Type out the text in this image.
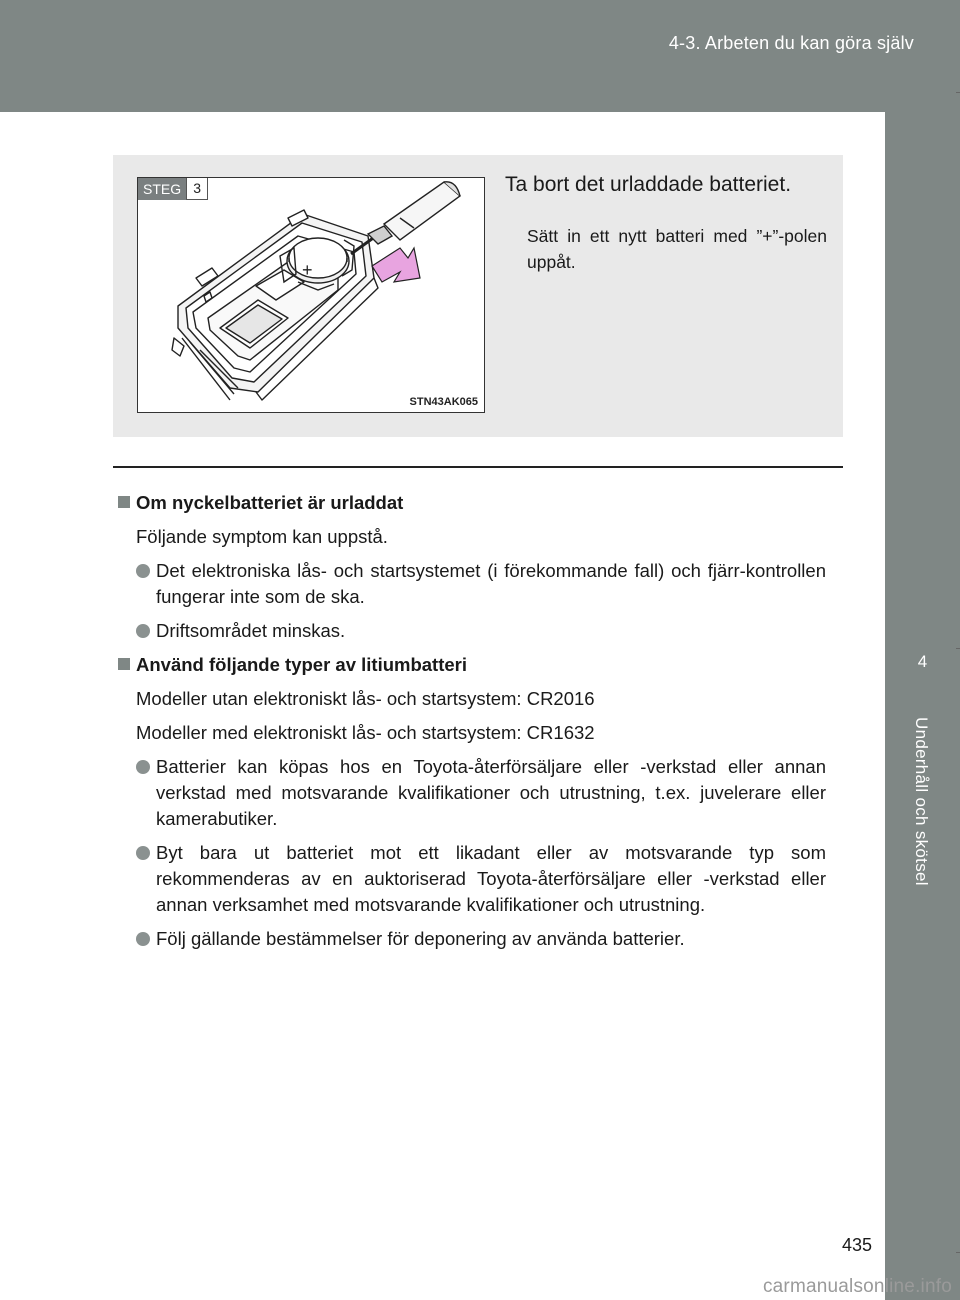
4-3. Arbeten du kan göra själv
4
Underhåll och skötsel
STEG 3
+
STN43AK065

Ta bort det urladdade batteriet.

Sätt in ett nytt batteri med ”+”-polen uppåt.

Om nyckelbatteriet är urladdat
Följande symptom kan uppstå.
Det elektroniska lås- och startsystemet (i förekommande fall) och fjärr-kontrollen fungerar inte som de ska.
Driftsområdet minskas.
Använd följande typer av litiumbatteri
Modeller utan elektroniskt lås- och startsystem: CR2016
Modeller med elektroniskt lås- och startsystem: CR1632
Batterier kan köpas hos en Toyota-återförsäljare eller -verkstad eller annan verkstad med motsvarande kvalifikationer och utrustning, t.ex. juvelerare eller kamerabutiker.
Byt bara ut batteriet mot ett likadant eller av motsvarande typ som rekommenderas av en auktoriserad Toyota-återförsäljare eller -verkstad eller annan verksamhet med motsvarande kvalifikationer och utrustning.
Följ gällande bestämmelser för deponering av använda batterier.
435
carmanualsonline.info
